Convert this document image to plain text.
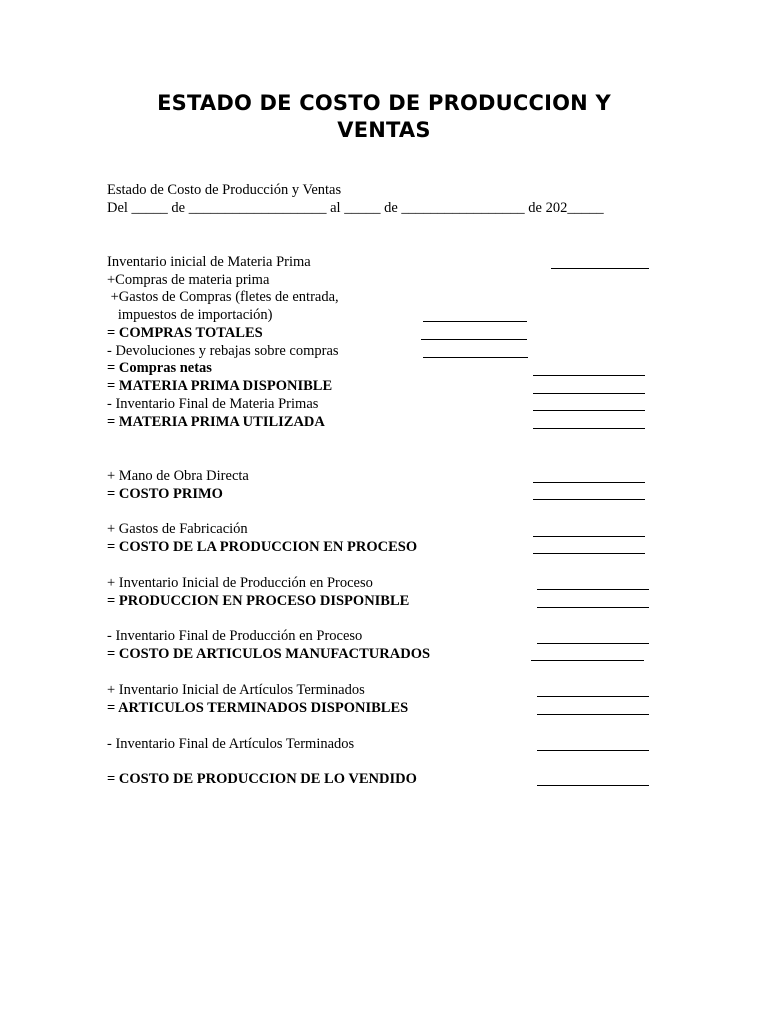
ESTADO DE COSTO DE PRODUCCION Y
VENTAS
Estado de Costo de Producción y Ventas
Del _____ de ___________________ al _____ de _________________ de 202_____
Inventario inicial de Materia Prima
+Compras de materia prima
+Gastos de Compras (fletes de entrada,
impuestos de importación)
= COMPRAS TOTALES
- Devoluciones y rebajas sobre compras
= Compras netas
= MATERIA PRIMA DISPONIBLE
- Inventario Final de Materia Primas
= MATERIA PRIMA UTILIZADA
+ Mano de Obra Directa
= COSTO PRIMO
+ Gastos de Fabricación
= COSTO DE LA PRODUCCION EN PROCESO
+ Inventario Inicial de Producción en Proceso
= PRODUCCION EN PROCESO DISPONIBLE
- Inventario Final de Producción en Proceso
= COSTO DE ARTICULOS MANUFACTURADOS
+ Inventario Inicial de Artículos Terminados
= ARTICULOS TERMINADOS DISPONIBLES
- Inventario Final de Artículos Terminados
= COSTO DE PRODUCCION DE LO VENDIDO
